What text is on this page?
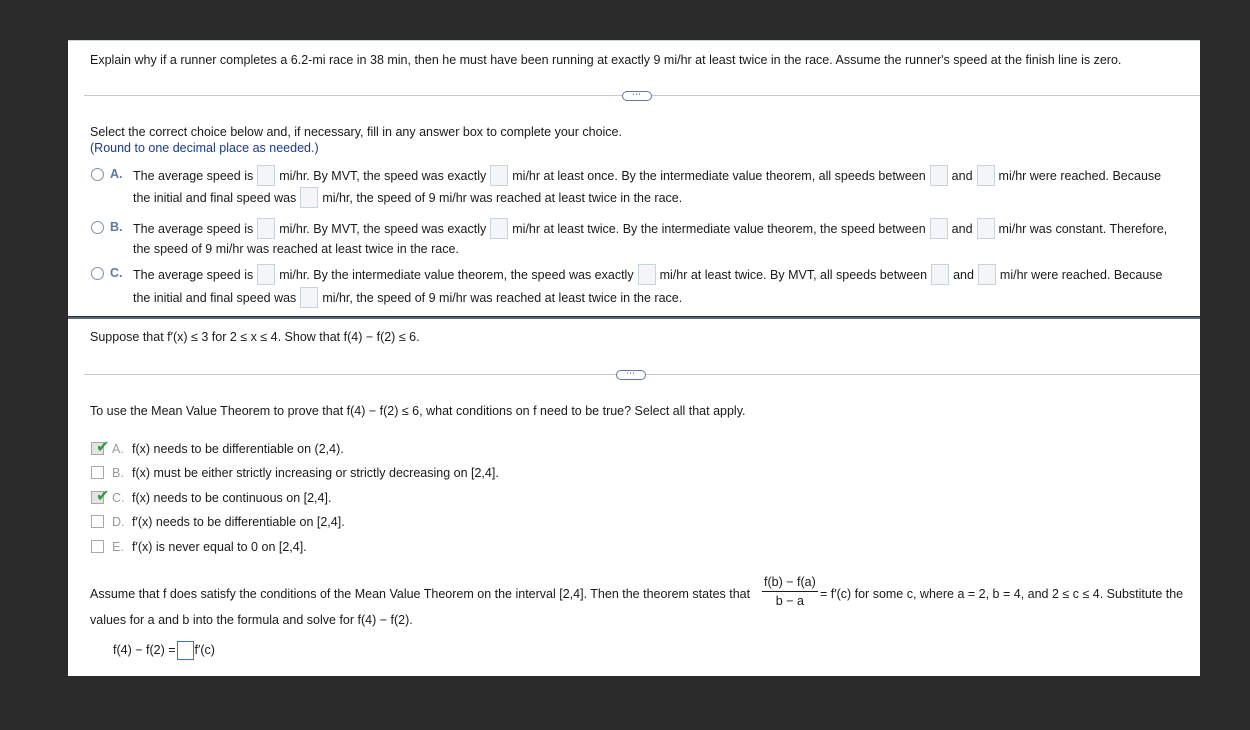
Explain why if a runner completes a 6.2-mi race in 38 min, then he must have been running at exactly 9 mi/hr at least twice in the race. Assume the runner's speed at the finish line is zero.
⋯
Select the correct choice below and, if necessary, fill in any answer box to complete your choice.
(Round to one decimal place as needed.)
A. The average speed is mi/hr. By MVT, the speed was exactly mi/hr at least once. By the intermediate value theorem, all speeds between and mi/hr were reached. Because
the initial and final speed was mi/hr, the speed of 9 mi/hr was reached at least twice in the race.
B. The average speed is mi/hr. By MVT, the speed was exactly mi/hr at least twice. By the intermediate value theorem, the speed between and mi/hr was constant. Therefore,
the speed of 9 mi/hr was reached at least twice in the race.
C. The average speed is mi/hr. By the intermediate value theorem, the speed was exactly mi/hr at least twice. By MVT, all speeds between and mi/hr were reached. Because
the initial and final speed was mi/hr, the speed of 9 mi/hr was reached at least twice in the race.
Suppose that f′(x) ≤ 3 for 2 ≤ x ≤ 4. Show that f(4) − f(2) ≤ 6.
⋯
To use the Mean Value Theorem to prove that f(4) − f(2) ≤ 6, what conditions on f need to be true? Select all that apply.
✔ A. f(x) needs to be differentiable on (2,4).
B. f(x) must be either strictly increasing or strictly decreasing on [2,4].
✔ C. f(x) needs to be continuous on [2,4].
D. f′(x) needs to be differentiable on [2,4].
E. f′(x) is never equal to 0 on [2,4].
Assume that f does satisfy the conditions of the Mean Value Theorem on the interval [2,4]. Then the theorem states that $\frac{f(b) - f(a)}{b - a} = f'(c)$ for some c, where a = 2, b = 4, and 2 ≤ c ≤ 4. Substitute the
values for a and b into the formula and solve for f(4) − f(2).
f(4) − f(2) = f′(c)
